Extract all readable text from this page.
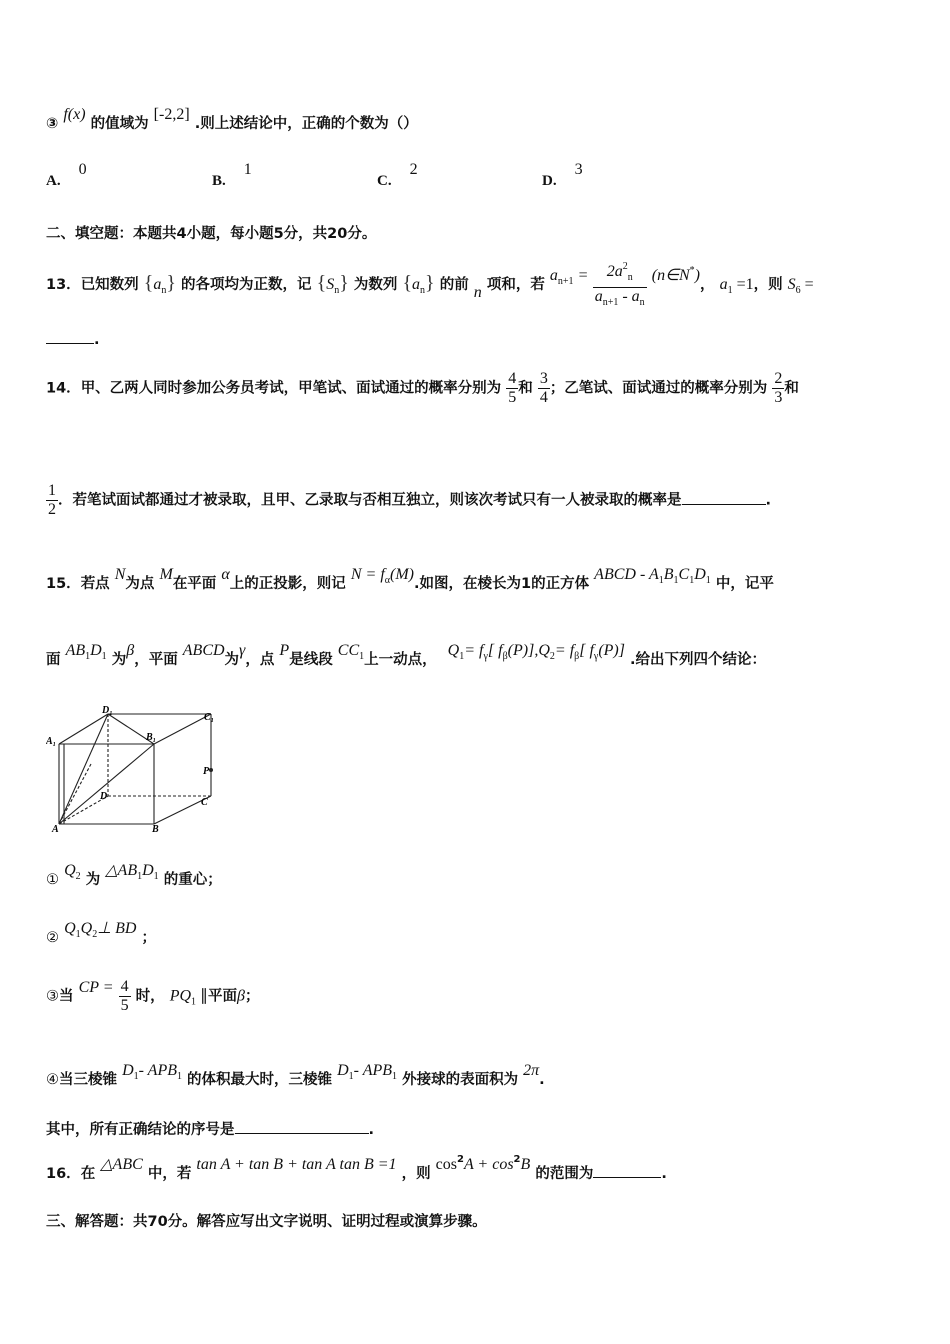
③ f(x) 的值域为 [-2,2] .则上述结论中，正确的个数为（）
A.0
B.1
C.2
D.3
二、填空题：本题共4小题，每小题5分，共20分。
13．已知数列 $\{a_n\}$ 的各项均为正数，记 $\{S_n\}$ 为数列 $\{a_n\}$ 的前 n 项和，若 $an+1 = \frac{2a^2_n}{a_{n+1} - a_n}$ (n∈N*)， $a_1 =1$，则 $S_6$ =
.
14．甲、乙两人同时参加公务员考试，甲笔试、面试通过的概率分别为 $\frac{4}{5}$ 和 $\frac{3}{4}$ ；乙笔试、面试通过的概率分别为 $\frac{2}{3}$ 和
$\frac{1}{2}$ ．若笔试面试都通过才被录取，且甲、乙录取与否相互独立，则该次考试只有一人被录取的概率是	.
15．若点 N为点 M在平面 α上的正投影，则记 N = fα(M).如图，在棱长为1的正方体 ABCD - A1B1C1D1 中，记平
面 AB1D1 为β，平面 ABCD为γ，点 P是线段 CC1上一动点， Q1= fγ[ fβ(P)],Q2= fβ[ fγ(P)] .给出下列四个结论：
D₁
C₁
A₁	B₁
P
D
C
A	B
① Q2 为 △AB1D1 的重心；
② Q1Q2⊥ BD ；
③当 CP = $\frac{4}{5}$ 时， $PQ_1$ ∥平面β；
④当三棱锥 D1- APB1 的体积最大时，三棱锥 D1- APB1 外接球的表面积为 2π.
其中，所有正确结论的序号是	.
16．在 △ABC 中，若 tan A + tan B + tan A tan B =1 ，则 cos2A + cos2B 的范围为	.
三、解答题：共70分。解答应写出文字说明、证明过程或演算步骤。
